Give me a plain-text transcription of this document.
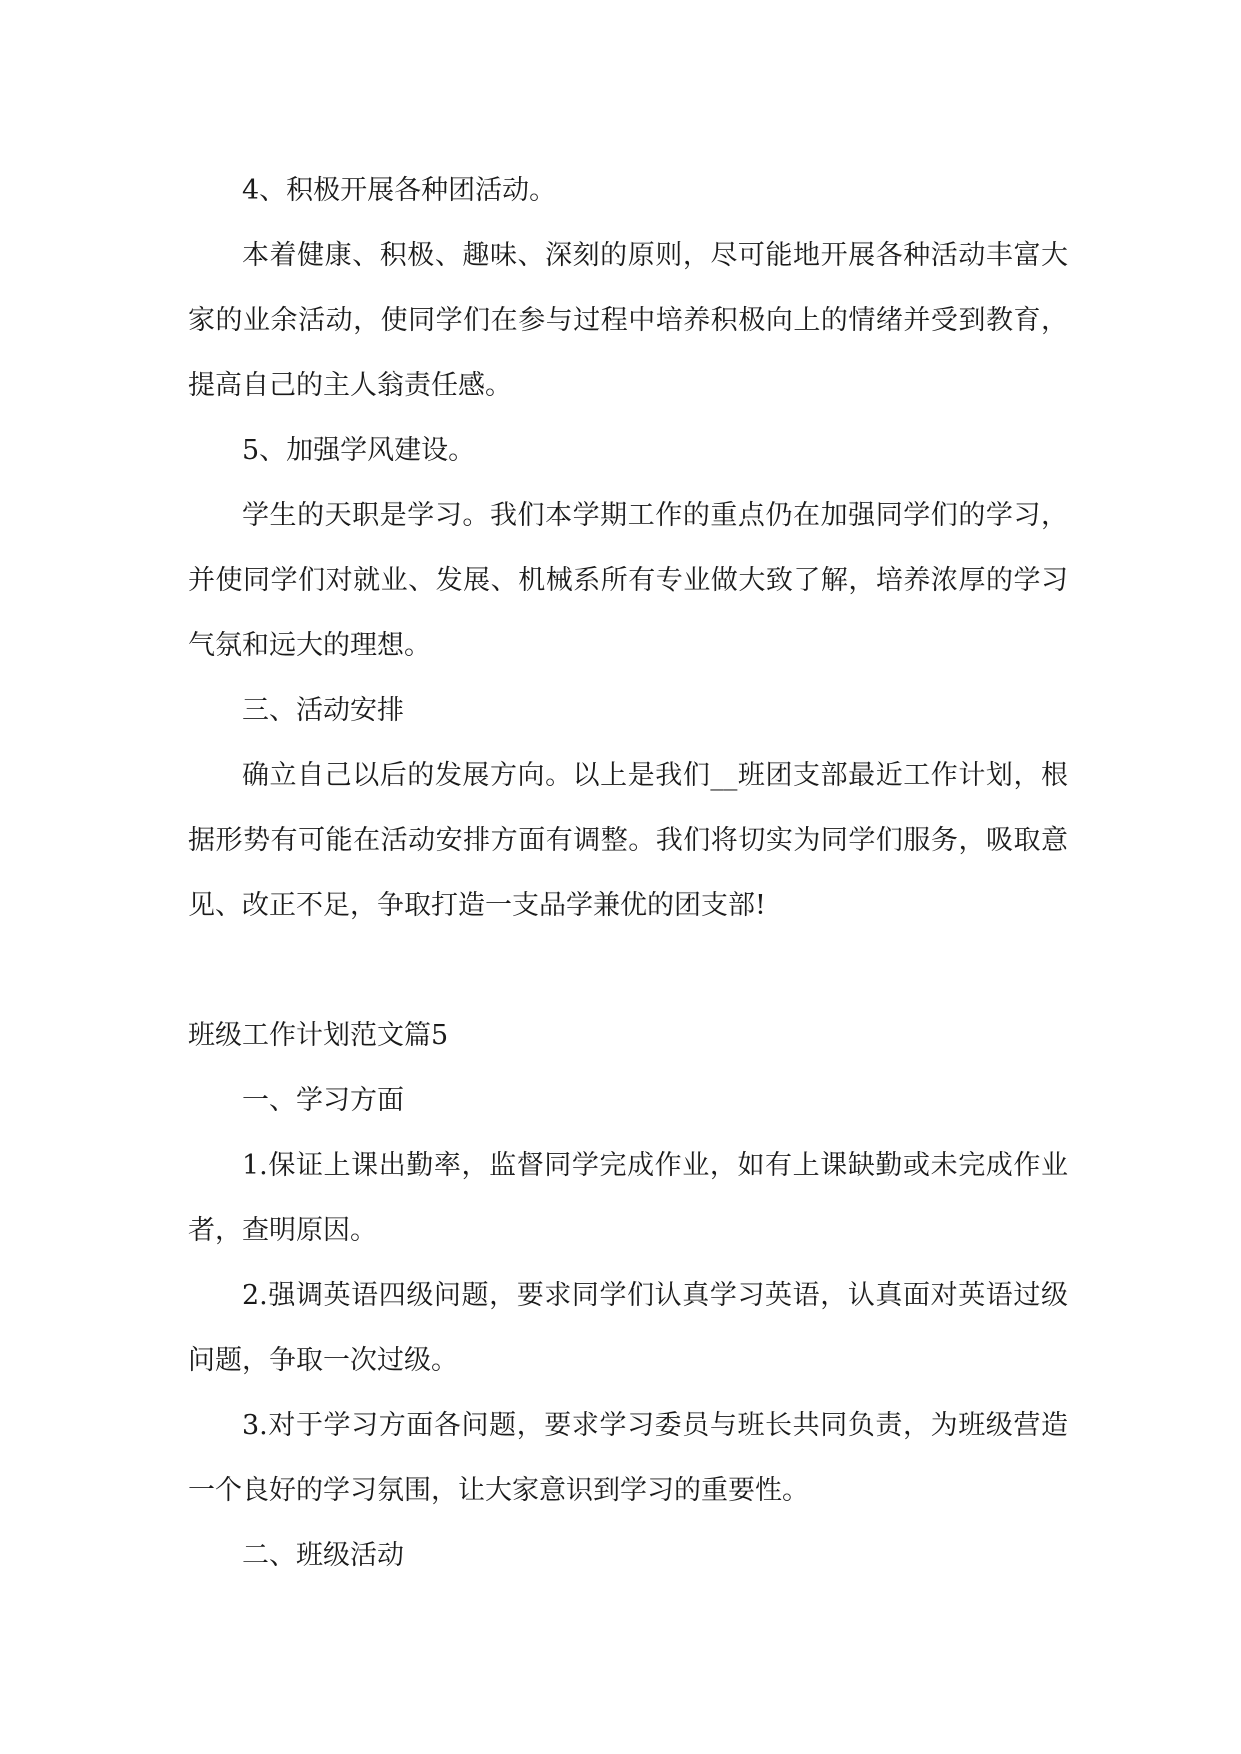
4、积极开展各种团活动。

本着健康、积极、趣味、深刻的原则，尽可能地开展各种活动丰富大家的业余活动，使同学们在参与过程中培养积极向上的情绪并受到教育，提高自己的主人翁责任感。

5、加强学风建设。

学生的天职是学习。我们本学期工作的重点仍在加强同学们的学习，并使同学们对就业、发展、机械系所有专业做大致了解，培养浓厚的学习气氛和远大的理想。

三、活动安排

确立自己以后的发展方向。以上是我们__班团支部最近工作计划，根据形势有可能在活动安排方面有调整。我们将切实为同学们服务，吸取意见、改正不足，争取打造一支品学兼优的团支部!

班级工作计划范文篇5

一、学习方面

1.保证上课出勤率，监督同学完成作业，如有上课缺勤或未完成作业者，查明原因。

2.强调英语四级问题，要求同学们认真学习英语，认真面对英语过级问题，争取一次过级。

3.对于学习方面各问题，要求学习委员与班长共同负责，为班级营造一个良好的学习氛围，让大家意识到学习的重要性。

二、班级活动
